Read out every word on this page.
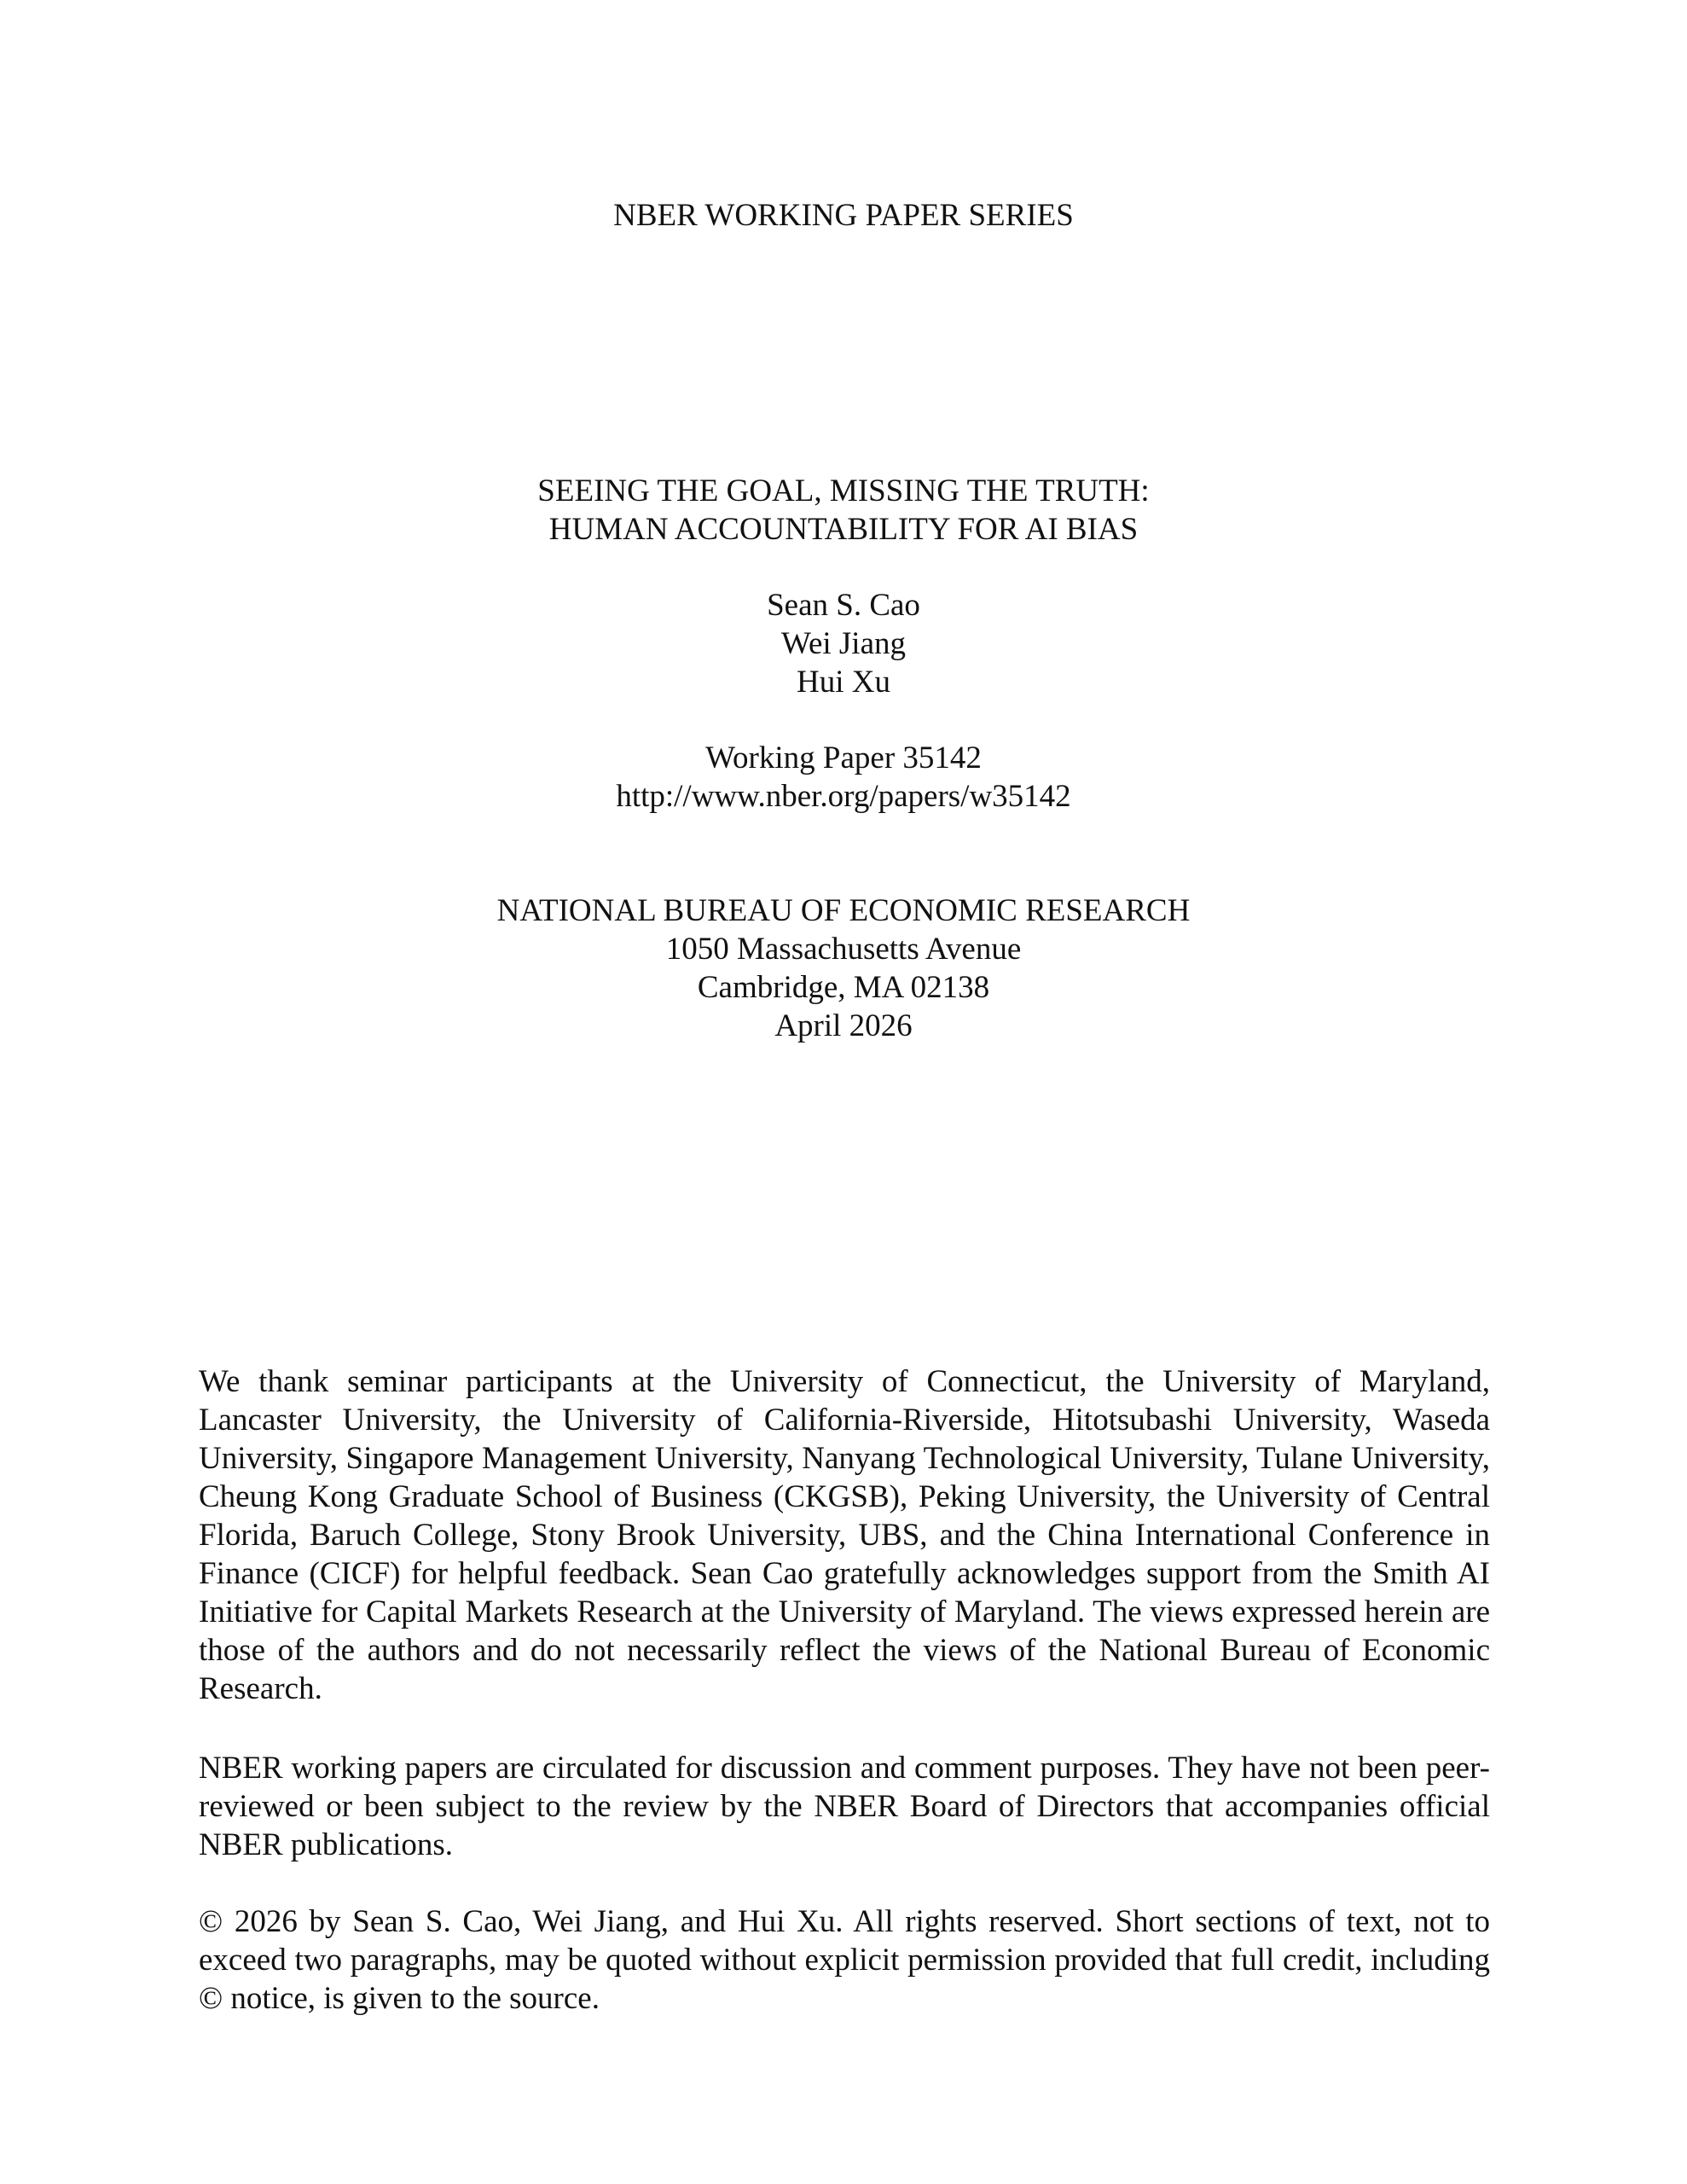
NBER WORKING PAPER SERIES

SEEING THE GOAL, MISSING THE TRUTH:

HUMAN ACCOUNTABILITY FOR AI BIAS

Sean S. Cao

Wei Jiang

Hui Xu

Working Paper 35142

http://www.nber.org/papers/w35142

NATIONAL BUREAU OF ECONOMIC RESEARCH

1050 Massachusetts Avenue

Cambridge, MA 02138

April 2026

We thank seminar participants at the University of Connecticut, the University of Maryland, Lancaster University, the University of California-Riverside, Hitotsubashi University, Waseda University, Singapore Management University, Nanyang Technological University, Tulane University, Cheung Kong Graduate School of Business (CKGSB), Peking University, the University of Central Florida, Baruch College, Stony Brook University, UBS, and the China International Conference in Finance (CICF) for helpful feedback. Sean Cao gratefully acknowledges support from the Smith AI Initiative for Capital Markets Research at the University of Maryland. The views expressed herein are those of the authors and do not necessarily reflect the views of the National Bureau of Economic Research.

NBER working papers are circulated for discussion and comment purposes. They have not been peer-reviewed or been subject to the review by the NBER Board of Directors that accompanies official NBER publications.

© 2026 by Sean S. Cao, Wei Jiang, and Hui Xu. All rights reserved. Short sections of text, not to exceed two paragraphs, may be quoted without explicit permission provided that full credit, including © notice, is given to the source.
